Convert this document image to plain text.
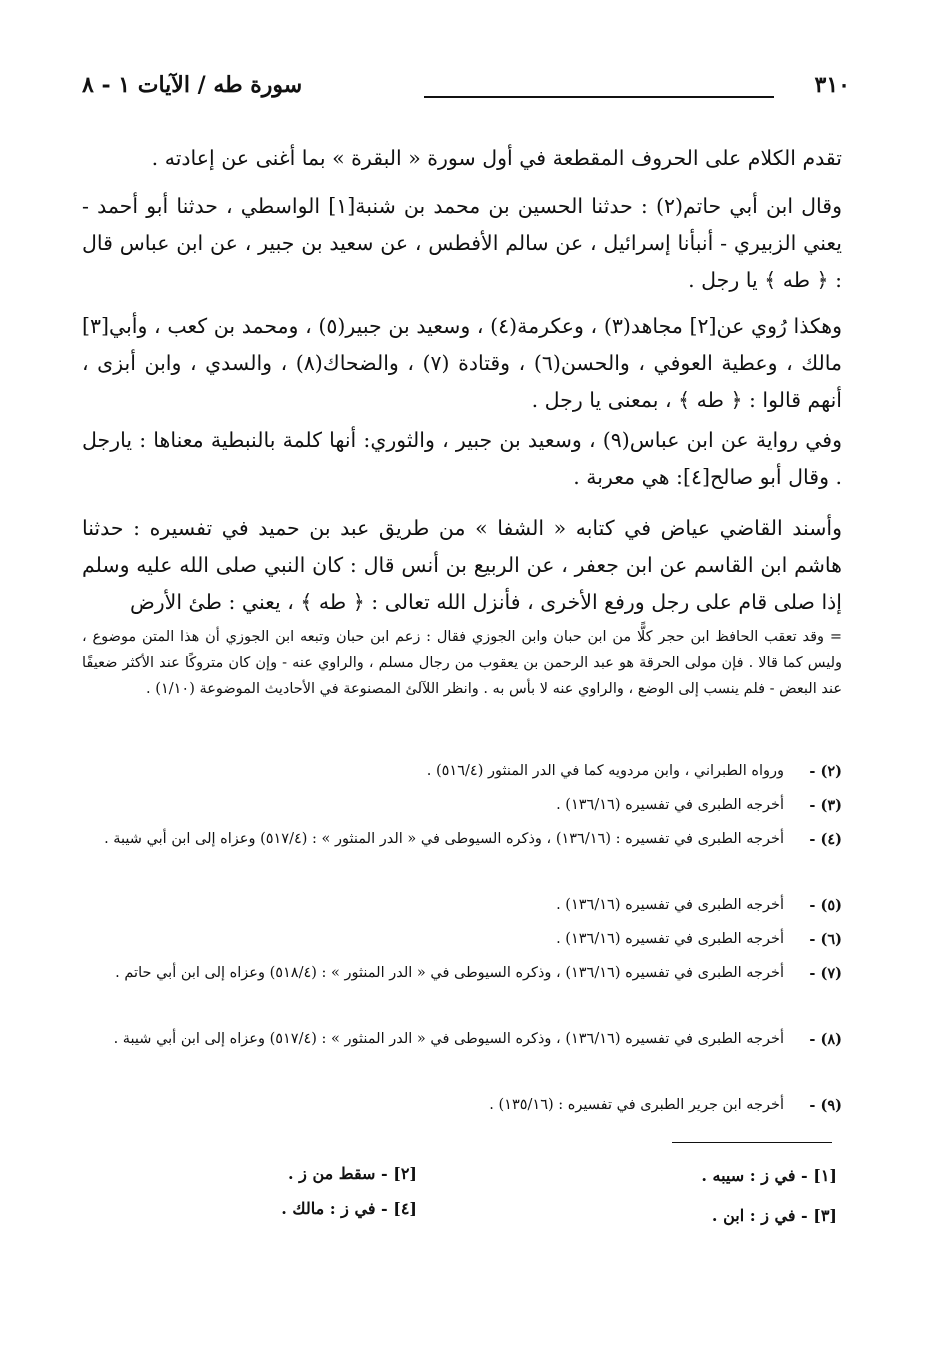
٣١٠
سورة طه / الآيات ١ - ٨

تقدم الكلام على الحروف المقطعة في أول سورة « البقرة » بما أغنى عن إعادته .

وقال ابن أبي حاتم(٢) : حدثنا الحسين بن محمد بن شنبة[١] الواسطي ، حدثنا أبو أحمد - يعني الزبيري - أنبأنا إسرائيل ، عن سالم الأفطس ، عن سعيد بن جبير ، عن ابن عباس قال : ﴿ طه ﴾ يا رجل .

وهكذا رُوي عن[٢] مجاهد(٣) ، وعكرمة(٤) ، وسعيد بن جبير(٥) ، ومحمد بن كعب ، وأبي[٣] مالك ، وعطية العوفي ، والحسن(٦) ، وقتادة (٧) ، والضحاك(٨) ، والسدي ، وابن أبزى ، أنهم قالوا : ﴿ طه ﴾ ، بمعنى يا رجل .

وفي رواية عن ابن عباس(٩) ، وسعيد بن جبير ، والثوري: أنها كلمة بالنبطية معناها : يارجل . وقال أبو صالح[٤]: هي معربة .

وأسند القاضي عياض في كتابه « الشفا » من طريق عبد بن حميد في تفسيره : حدثنا هاشم ابن القاسم عن ابن جعفر ، عن الربيع بن أنس قال : كان النبي صلى الله عليه وسلم إذا صلى قام على رجل ورفع الأخرى ، فأنزل الله تعالى : ﴿ طه ﴾ ، يعني : طئ الأرض

= وقد تعقب الحافظ ابن حجر كلًّا من ابن حبان وابن الجوزي فقال : زعم ابن حبان وتبعه ابن الجوزي أن هذا المتن موضوع ، وليس كما قالا . فإن مولى الحرقة هو عبد الرحمن بن يعقوب من رجال مسلم ، والراوي عنه - وإن كان متروكًا عند الأكثر ضعيفًا عند البعض - فلم ينسب إلى الوضع ، والراوي عنه لا بأس به . وانظر اللآلئ المصنوعة في الأحاديث الموضوعة (١/١٠) .

(٢) -
ورواه الطبراني ، وابن مردويه كما في الدر المنثور (٥١٦/٤) .
(٣) -
أخرجه الطبرى في تفسيره (١٣٦/١٦) .
(٤) -
أخرجه الطبرى في تفسيره : (١٣٦/١٦) ، وذكره السيوطى في « الدر المنثور » : (٥١٧/٤) وعزاه إلى ابن أبي شيبة .
(٥) -
أخرجه الطبرى في تفسيره (١٣٦/١٦) .
(٦) -
أخرجه الطبرى في تفسيره (١٣٦/١٦) .
(٧) -
أخرجه الطبرى في تفسيره (١٣٦/١٦) ، وذكره السيوطى في « الدر المنثور » : (٥١٨/٤) وعزاه إلى ابن أبي حاتم .
(٨) -
أخرجه الطبرى في تفسيره (١٣٦/١٦) ، وذكره السيوطى في « الدر المنثور » : (٥١٧/٤) وعزاه إلى ابن أبي شيبة .
(٩) -
أخرجه ابن جرير الطبرى في تفسيره : (١٣٥/١٦) .
[١] - في ز : سيبه .
[٢] - سقط من ز .
[٣] - في ز : ابن .
[٤] - في ز : مالك .
